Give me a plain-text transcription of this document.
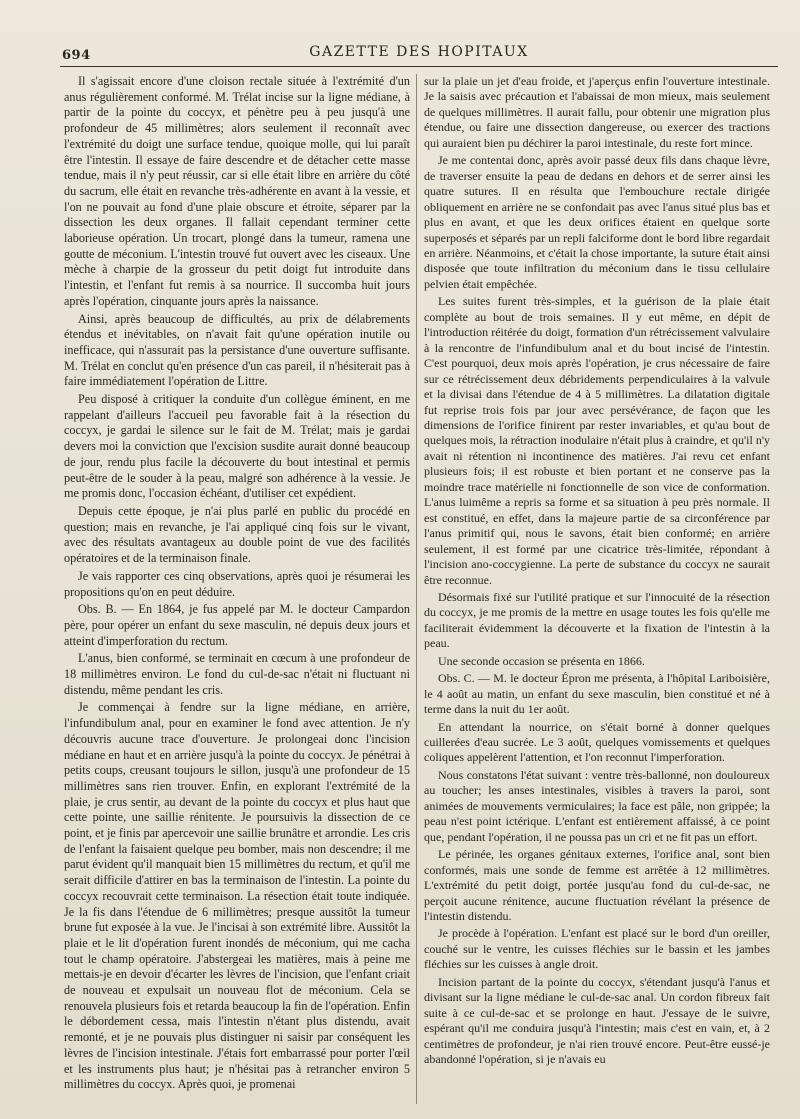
694	GAZETTE DES HOPITAUX

Il s'agissait encore d'une cloison rectale située à l'extrémité d'un anus régulièrement conformé. M. Trélat incise sur la ligne médiane, à partir de la pointe du coccyx, et pénètre peu à peu jusqu'à une profondeur de 45 millimètres; alors seulement il reconnaît avec l'extrémité du doigt une surface tendue, quoique molle, qui lui paraît être l'intestin. Il essaye de faire descendre et de détacher cette masse tendue, mais il n'y peut réussir, car si elle était libre en arrière du côté du sacrum, elle était en revanche très-adhérente en avant à la vessie, et l'on ne pouvait au fond d'une plaie obscure et étroite, séparer par la dissection les deux organes. Il fallait cependant terminer cette laborieuse opération. Un trocart, plongé dans la tumeur, ramena une goutte de méconium. L'intestin trouvé fut ouvert avec les ciseaux. Une mèche à charpie de la grosseur du petit doigt fut introduite dans l'intestin, et l'enfant fut remis à sa nourrice. Il succomba huit jours après l'opération, cinquante jours après la naissance.

Ainsi, après beaucoup de difficultés, au prix de délabrements étendus et inévitables, on n'avait fait qu'une opération inutile ou inefficace, qui n'assurait pas la persistance d'une ouverture suffisante. M. Trélat en conclut qu'en présence d'un cas pareil, il n'hésiterait pas à faire immédiatement l'opération de Littre.

Peu disposé à critiquer la conduite d'un collègue éminent, en me rappelant d'ailleurs l'accueil peu favorable fait à la résection du coccyx, je gardai le silence sur le fait de M. Trélat; mais je gardai devers moi la conviction que l'excision susdite aurait donné beaucoup de jour, rendu plus facile la découverte du bout intestinal et permis peut-être de le souder à la peau, malgré son adhérence à la vessie. Je me promis donc, l'occasion échéant, d'utiliser cet expédient.

Depuis cette époque, je n'ai plus parlé en public du procédé en question; mais en revanche, je l'ai appliqué cinq fois sur le vivant, avec des résultats avantageux au double point de vue des facilités opératoires et de la terminaison finale.

Je vais rapporter ces cinq observations, après quoi je résumerai les propositions qu'on en peut déduire.

Obs. B. — En 1864, je fus appelé par M. le docteur Campardon père, pour opérer un enfant du sexe masculin, né depuis deux jours et atteint d'imperforation du rectum.

L'anus, bien conformé, se terminait en cœcum à une profondeur de 18 millimètres environ. Le fond du cul-de-sac n'était ni fluctuant ni distendu, même pendant les cris.

Je commençai à fendre sur la ligne médiane, en arrière, l'infundibulum anal, pour en examiner le fond avec attention. Je n'y découvris aucune trace d'ouverture. Je prolongeai donc l'incision médiane en haut et en arrière jusqu'à la pointe du coccyx. Je pénétrai à petits coups, creusant toujours le sillon, jusqu'à une profondeur de 15 millimètres sans rien trouver. Enfin, en explorant l'extrémité de la plaie, je crus sentir, au devant de la pointe du coccyx et plus haut que cette pointe, une saillie rénitente. Je poursuivis la dissection de ce point, et je finis par apercevoir une saillie brunâtre et arrondie. Les cris de l'enfant la faisaient quelque peu bomber, mais non descendre; il me parut évident qu'il manquait bien 15 millimètres du rectum, et qu'il me serait difficile d'attirer en bas la terminaison de l'intestin. La pointe du coccyx recouvrait cette terminaison. La résection était toute indiquée. Je la fis dans l'étendue de 6 millimètres; presque aussitôt la tumeur brune fut exposée à la vue. Je l'incisai à son extrémité libre. Aussitôt la plaie et le lit d'opération furent inondés de méconium, qui me cacha tout le champ opératoire. J'abstergeai les matières, mais à peine me mettais-je en devoir d'écarter les lèvres de l'incision, que l'enfant criait de nouveau et expulsait un nouveau flot de méconium. Cela se renouvela plusieurs fois et retarda beaucoup la fin de l'opération. Enfin le débordement cessa, mais l'intestin n'étant plus distendu, avait remonté, et je ne pouvais plus distinguer ni saisir par conséquent les lèvres de l'incision intestinale. J'étais fort embarrassé pour porter l'œil et les instruments plus haut; je n'hésitai pas à retrancher environ 5 millimètres du coccyx. Après quoi, je promenai

sur la plaie un jet d'eau froide, et j'aperçus enfin l'ouverture intestinale. Je la saisis avec précaution et l'abaissai de mon mieux, mais seulement de quelques millimètres. Il aurait fallu, pour obtenir une migration plus étendue, ou faire une dissection dangereuse, ou exercer des tractions qui auraient bien pu déchirer la paroi intestinale, du reste fort mince.

Je me contentai donc, après avoir passé deux fils dans chaque lèvre, de traverser ensuite la peau de dedans en dehors et de serrer ainsi les quatre sutures. Il en résulta que l'embouchure rectale dirigée obliquement en arrière ne se confondait pas avec l'anus situé plus bas et plus en avant, et que les deux orifices étaient en quelque sorte superposés et séparés par un repli falciforme dont le bord libre regardait en arrière. Néanmoins, et c'était la chose importante, la suture était ainsi disposée que toute infiltration du méconium dans le tissu cellulaire pelvien était empêchée.

Les suites furent très-simples, et la guérison de la plaie était complète au bout de trois semaines. Il y eut même, en dépit de l'introduction réitérée du doigt, formation d'un rétrécissement valvulaire à la rencontre de l'infundibulum anal et du bout incisé de l'intestin. C'est pourquoi, deux mois après l'opération, je crus nécessaire de faire sur ce rétrécissement deux débridements perpendiculaires à la valvule et la divisai dans l'étendue de 4 à 5 millimètres. La dilatation digitale fut reprise trois fois par jour avec persévérance, de façon que les dimensions de l'orifice finirent par rester invariables, et qu'au bout de quelques mois, la rétraction inodulaire n'était plus à craindre, et qu'il n'y avait ni rétention ni incontinence des matières. J'ai revu cet enfant plusieurs fois; il est robuste et bien portant et ne conserve pas la moindre trace matérielle ni fonctionnelle de son vice de conformation. L'anus luimême a repris sa forme et sa situation à peu près normale. Il est constitué, en effet, dans la majeure partie de sa circonférence par l'anus primitif qui, nous le savons, était bien conformé; en arrière seulement, il est formé par une cicatrice très-limitée, répondant à l'incision ano-coccygienne. La perte de substance du coccyx ne saurait être reconnue.

Désormais fixé sur l'utilité pratique et sur l'innocuité de la résection du coccyx, je me promis de la mettre en usage toutes les fois qu'elle me faciliterait évidemment la découverte et la fixation de l'intestin à la peau.

Une seconde occasion se présenta en 1866.

Obs. C. — M. le docteur Épron me présenta, à l'hôpital Lariboisière, le 4 août au matin, un enfant du sexe masculin, bien constitué et né à terme dans la nuit du 1er août.

En attendant la nourrice, on s'était borné à donner quelques cuillerées d'eau sucrée. Le 3 août, quelques vomissements et quelques coliques appelèrent l'attention, et l'on reconnut l'imperforation.

Nous constatons l'état suivant : ventre très-ballonné, non douloureux au toucher; les anses intestinales, visibles à travers la paroi, sont animées de mouvements vermiculaires; la face est pâle, non grippée; la peau n'est point ictérique. L'enfant est entièrement affaissé, à ce point que, pendant l'opération, il ne poussa pas un cri et ne fit pas un effort.

Le périnée, les organes génitaux externes, l'orifice anal, sont bien conformés, mais une sonde de femme est arrêtée à 12 millimètres. L'extrémité du petit doigt, portée jusqu'au fond du cul-de-sac, ne perçoit aucune rénitence, aucune fluctuation révélant la présence de l'intestin distendu.

Je procède à l'opération. L'enfant est placé sur le bord d'un oreiller, couché sur le ventre, les cuisses fléchies sur le bassin et les jambes fléchies sur les cuisses à angle droit.

Incision partant de la pointe du coccyx, s'étendant jusqu'à l'anus et divisant sur la ligne médiane le cul-de-sac anal. Un cordon fibreux fait suite à ce cul-de-sac et se prolonge en haut. J'essaye de le suivre, espérant qu'il me conduira jusqu'à l'intestin; mais c'est en vain, et, à 2 centimètres de profondeur, je n'ai rien trouvé encore. Peut-être eussé-je abandonné l'opération, si je n'avais eu
